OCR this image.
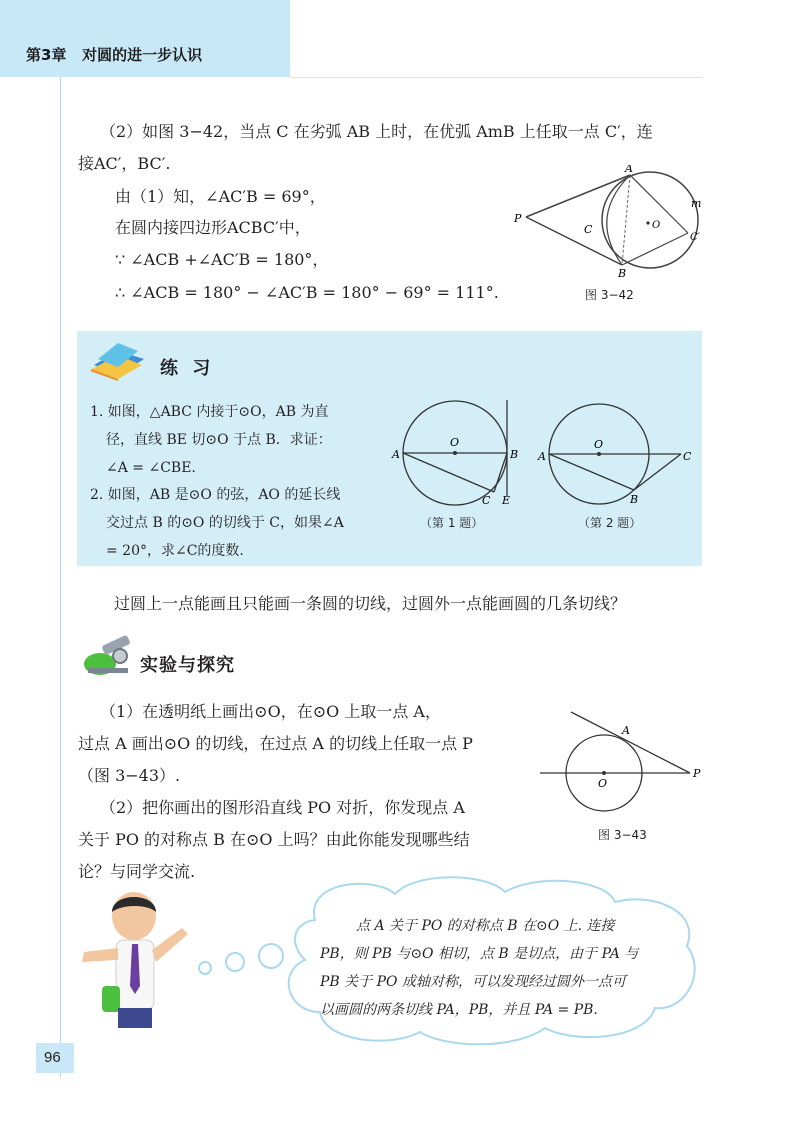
第3章 对圆的进一步认识
（2）如图 3−42，当点 C 在劣弧 AB 上时，在优弧 AmB 上任取一点 C′，连
接AC′，BC′.
由（1）知，∠AC′B = 69°，
在圆内接四边形ACBC′中，
∵ ∠ACB +∠AC′B = 180°，
∴ ∠ACB = 180° − ∠AC′B = 180° − 69° = 111°.
P
A
B
C	O
m
C′
图 3−42
练 习
1. 如图，△ABC 内接于⊙O，AB 为直
径，直线 BE 切⊙O 于点 B．求证：
∠A = ∠CBE.
2. 如图，AB 是⊙O 的弦，AO 的延长线
交过点 B 的⊙O 的切线于 C，如果∠A
= 20°，求∠C的度数.
O
A	B
C E
（第 1 题）
O
A
B
C
（第 2 题）
过圆上一点能画且只能画一条圆的切线，过圆外一点能画圆的几条切线？
实验与探究
（1）在透明纸上画出⊙O，在⊙O 上取一点 A，
过点 A 画出⊙O 的切线，在过点 A 的切线上任取一点 P
（图 3−43）.
（2）把你画出的图形沿直线 PO 对折，你发现点 A
关于 PO 的对称点 B 在⊙O 上吗？由此你能发现哪些结
论？与同学交流.
A
O
P
图 3−43
点 A 关于 PO 的对称点 B 在⊙O 上. 连接
PB，则 PB 与⊙O 相切，点 B 是切点，由于 PA 与
PB 关于 PO 成轴对称，可以发现经过圆外一点可
以画圆的两条切线 PA，PB，并且 PA = PB.
96
